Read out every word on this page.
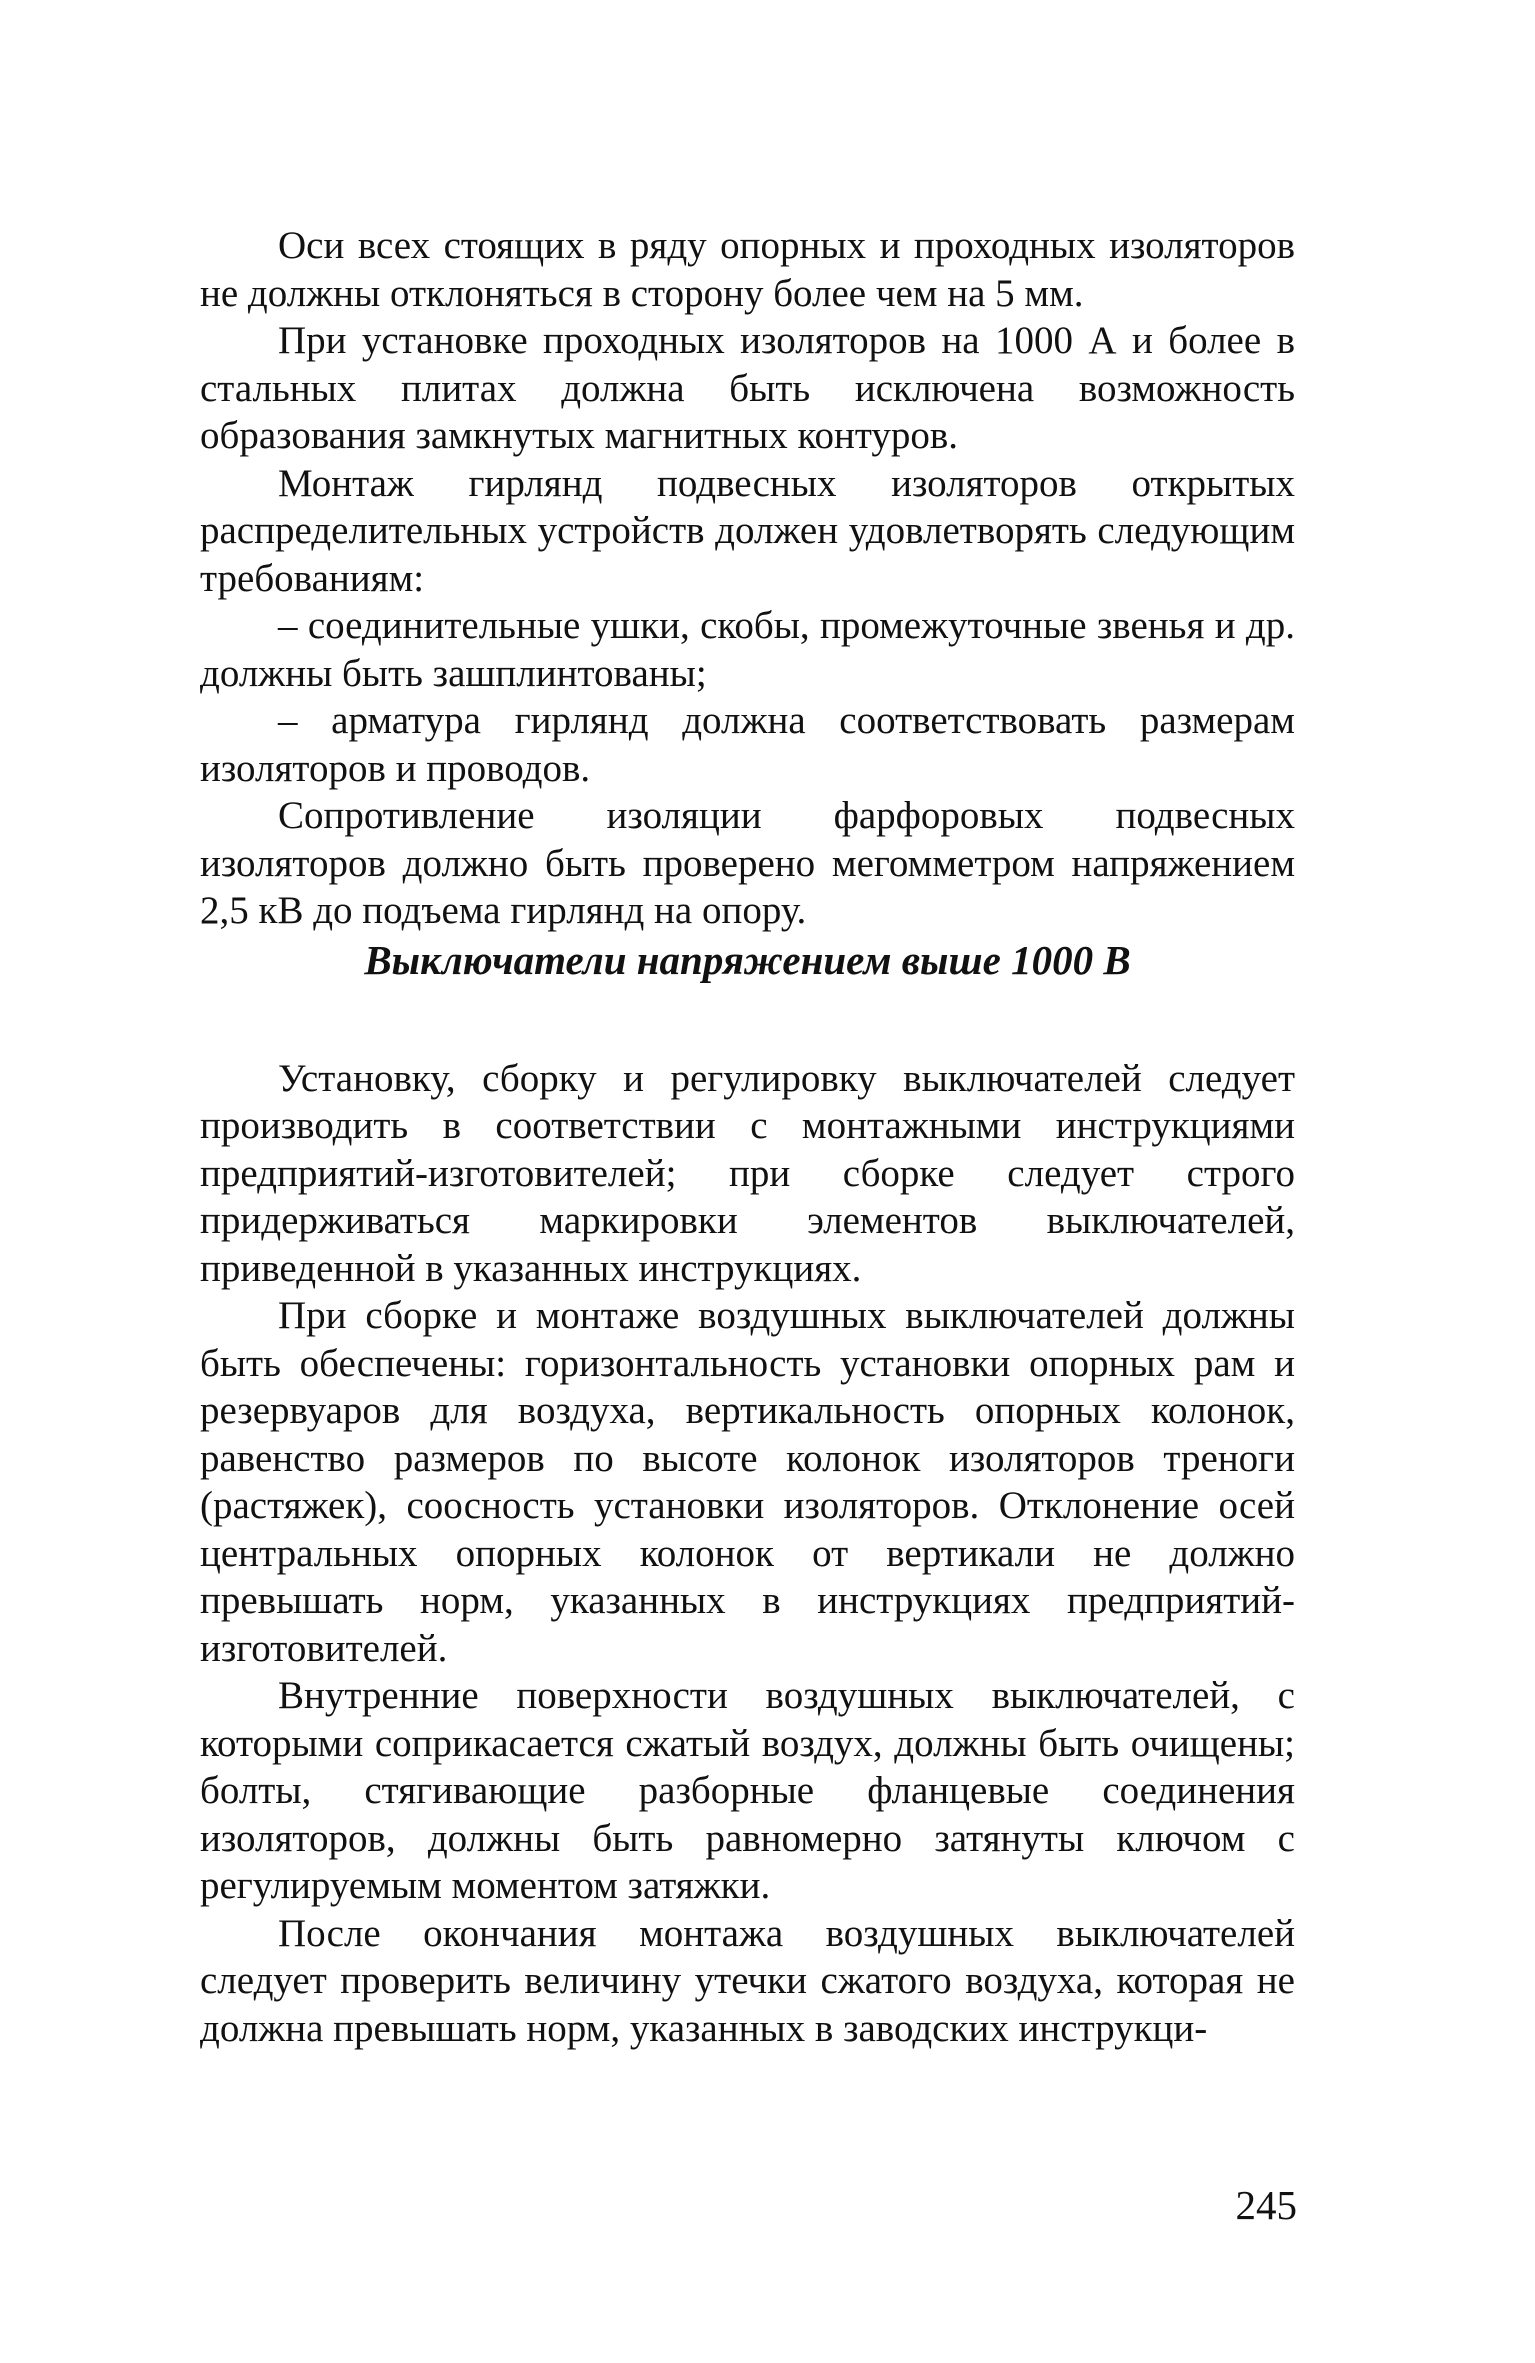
Оси всех стоящих в ряду опорных и проходных изоляторов не должны отклоняться в сторону более чем на 5 мм.

При установке проходных изоляторов на 1000 А и более в стальных плитах должна быть исключена возможность образования замкнутых магнитных контуров.

Монтаж гирлянд подвесных изоляторов открытых распределительных устройств должен удовлетворять следующим требованиям:

– соединительные ушки, скобы, промежуточные звенья и др. должны быть зашплинтованы;

– арматура гирлянд должна соответствовать размерам изоляторов и проводов.

Сопротивление изоляции фарфоровых подвесных изоляторов должно быть проверено мегомметром напряжением 2,5 кВ до подъема гирлянд на опору.

Выключатели напряжением выше 1000 В

Установку, сборку и регулировку выключателей следует производить в соответствии с монтажными инструкциями предприятий-изготовителей; при сборке следует строго придерживаться маркировки элементов выключателей, приведенной в указанных инструкциях.

При сборке и монтаже воздушных выключателей должны быть обеспечены: горизонтальность установки опорных рам и резервуаров для воздуха, вертикальность опорных колонок, равенство размеров по высоте колонок изоляторов треноги (растяжек), соосность установки изоляторов. Отклонение осей центральных опорных колонок от вертикали не должно превышать норм, указанных в инструкциях предприятий-изготовителей.

Внутренние поверхности воздушных выключателей, с которыми соприкасается сжатый воздух, должны быть очищены; болты, стягивающие разборные фланцевые соединения изоляторов, должны быть равномерно затянуты ключом с регулируемым моментом затяжки.

После окончания монтажа воздушных выключателей следует проверить величину утечки сжатого воздуха, которая не должна превышать норм, указанных в заводских инструкци-

245
